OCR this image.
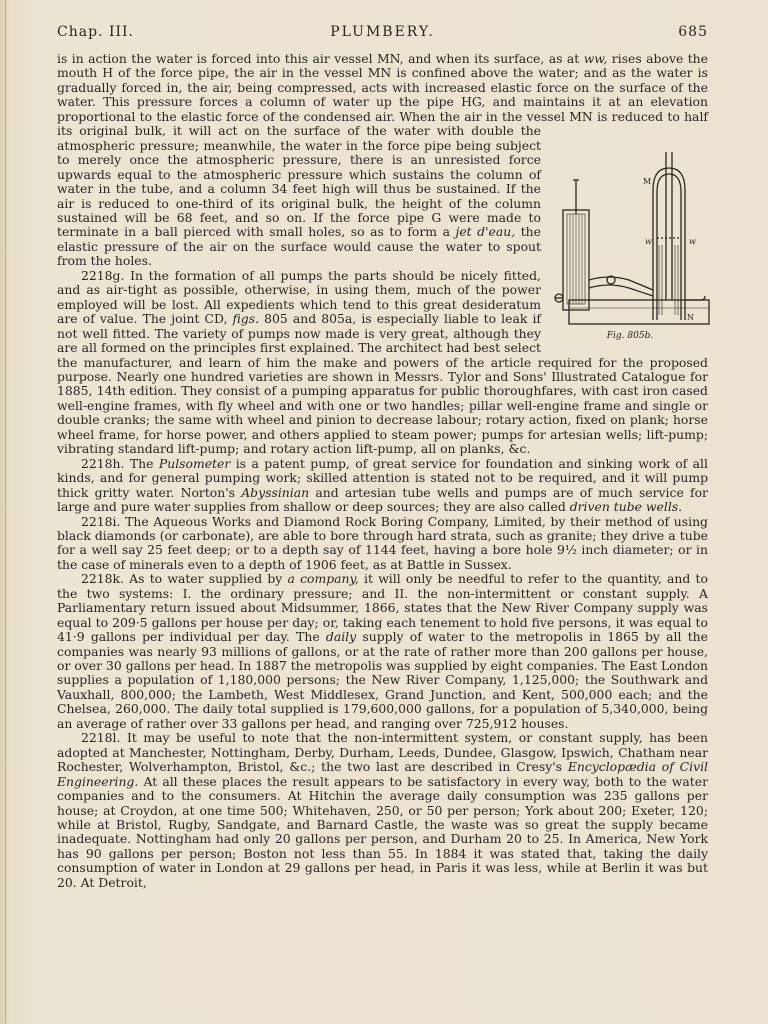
Chap. III.	PLUMBERY.	685

is in action the water is forced into this air vessel MN, and when its surface, as at ww, rises above the mouth H of the force pipe, the air in the vessel MN is confined above the water; and as the water is gradually forced in, the air, being compressed, acts with increased elastic force on the surface of the water. This pressure forces a column of water up the pipe HG, and maintains it at an elevation proportional to the elastic force of the condensed air. When the air in the vessel MN is reduced to half its original bulk, it will act on the surface of the water
M
N
w	w
Fig. 805b.
with double the atmospheric pressure; meanwhile, the water in the force pipe being subject to merely once the atmospheric pressure, there is an unresisted force upwards equal to the atmospheric pressure which sustains the column of water in the tube, and a column 34 feet high will thus be sustained. If the air is reduced to one-third of its original bulk, the height of the column sustained will be 68 feet, and so on. If the force pipe G were made to terminate in a ball pierced with small holes, so as to form a jet d'eau, the elastic pressure of the air on the surface would cause the water to spout from the holes.

2218g. In the formation of all pumps the parts should be nicely fitted, and as air-tight as possible, otherwise, in using them, much of the power employed will be lost. All expedients which tend to this great desideratum are of value. The joint CD, figs. 805 and 805a, is especially liable to leak if not well fitted. The variety of pumps now made is very great, although they are all formed on the principles first explained. The architect had best select the manufacturer, and learn of him the make and powers of the article required for the proposed purpose. Nearly one hundred varieties are shown in Messrs. Tylor and Sons' Illustrated Catalogue for 1885, 14th edition. They consist of a pumping apparatus for public thoroughfares, with cast iron cased well-engine frames, with fly wheel and with one or two handles; pillar well-engine frame and single or double cranks; the same with wheel and pinion to decrease labour; rotary action, fixed on plank; horse wheel frame, for horse power, and others applied to steam power; pumps for artesian wells; lift-pump; vibrating standard lift-pump; and rotary action lift-pump, all on planks, &c.

2218h. The Pulsometer is a patent pump, of great service for foundation and sinking work of all kinds, and for general pumping work; skilled attention is stated not to be required, and it will pump thick gritty water. Norton's Abyssinian and artesian tube wells and pumps are of much service for large and pure water supplies from shallow or deep sources; they are also called driven tube wells.

2218i. The Aqueous Works and Diamond Rock Boring Company, Limited, by their method of using black diamonds (or carbonate), are able to bore through hard strata, such as granite; they drive a tube for a well say 25 feet deep; or to a depth say of 1144 feet, having a bore hole 9½ inch diameter; or in the case of minerals even to a depth of 1906 feet, as at Battle in Sussex.

2218k. As to water supplied by a company, it will only be needful to refer to the quantity, and to the two systems: I. the ordinary pressure; and II. the non-intermittent or constant supply. A Parliamentary return issued about Midsummer, 1866, states that the New River Company supply was equal to 209·5 gallons per house per day; or, taking each tenement to hold five persons, it was equal to 41·9 gallons per individual per day. The daily supply of water to the metropolis in 1865 by all the companies was nearly 93 millions of gallons, or at the rate of rather more than 200 gallons per house, or over 30 gallons per head. In 1887 the metropolis was supplied by eight companies. The East London supplies a population of 1,180,000 persons; the New River Company, 1,125,000; the Southwark and Vauxhall, 800,000; the Lambeth, West Middlesex, Grand Junction, and Kent, 500,000 each; and the Chelsea, 260,000. The daily total supplied is 179,600,000 gallons, for a population of 5,340,000, being an average of rather over 33 gallons per head, and ranging over 725,912 houses.

2218l. It may be useful to note that the non-intermittent system, or constant supply, has been adopted at Manchester, Nottingham, Derby, Durham, Leeds, Dundee, Glasgow, Ipswich, Chatham near Rochester, Wolverhampton, Bristol, &c.; the two last are described in Cresy's Encyclopædia of Civil Engineering. At all these places the result appears to be satisfactory in every way, both to the water companies and to the consumers. At Hitchin the average daily consumption was 235 gallons per house; at Croydon, at one time 500; Whitehaven, 250, or 50 per person; York about 200; Exeter, 120; while at Bristol, Rugby, Sandgate, and Barnard Castle, the waste was so great the supply became inadequate. Nottingham had only 20 gallons per person, and Durham 20 to 25. In America, New York has 90 gallons per person; Boston not less than 55. In 1884 it was stated that, taking the daily consumption of water in London at 29 gallons per head, in Paris it was less, while at Berlin it was but 20. At Detroit,
